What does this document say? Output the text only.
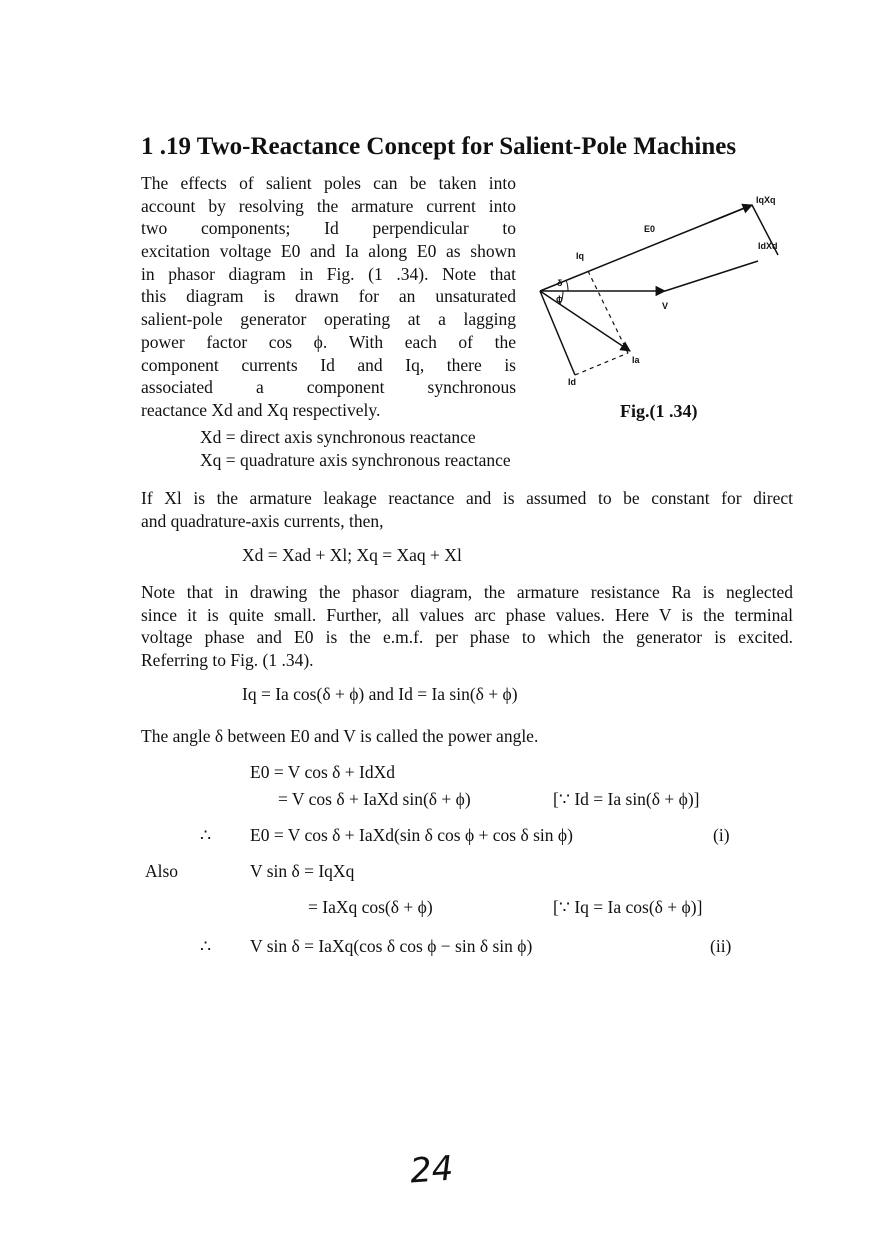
1 .19 Two-Reactance Concept for Salient-Pole Machines
The effects of salient poles can be taken into
account by resolving the armature current into
two components; Id perpendicular to
excitation voltage E0 and Ia along E0 as shown
in phasor diagram in Fig. (1 .34). Note that
this diagram is drawn for an unsaturated
salient-pole generator operating at a lagging
power factor cos ϕ. With each of the
component currents Id and Iq, there is
associated a component synchronous
reactance Xd and Xq respectively.
Xd = direct axis synchronous reactance
Xq = quadrature axis synchronous reactance
E0
IqXq
IdXd
Iq
δ
ϕ
V
Ia
Id
Fig.(1 .34)
If Xl is the armature leakage reactance and is assumed to be constant for direct
and quadrature-axis currents, then,
Xd = Xad + Xl; Xq = Xaq + Xl
Note that in drawing the phasor diagram, the armature resistance Ra is neglected
since it is quite small. Further, all values arc phase values. Here V is the terminal
voltage phase and E0 is the e.m.f. per phase to which the generator is excited.
Referring to Fig. (1 .34).
Iq = Ia cos(δ + ϕ) and Id = Ia sin(δ + ϕ)
The angle δ between E0 and V is called the power angle.
E0 = V cos δ + IdXd
= V cos δ + IaXd sin(δ + ϕ)	[∵ Id = Ia sin(δ + ϕ)]
∴ E0 = V cos δ + IaXd(sin δ cos ϕ + cos δ sin ϕ)	(i)
Also	V sin δ = IqXq
= IaXq cos(δ + ϕ)	[∵ Iq = Ia cos(δ + ϕ)]
∴ V sin δ = IaXq(cos δ cos ϕ − sin δ sin ϕ)	(ii)
24
